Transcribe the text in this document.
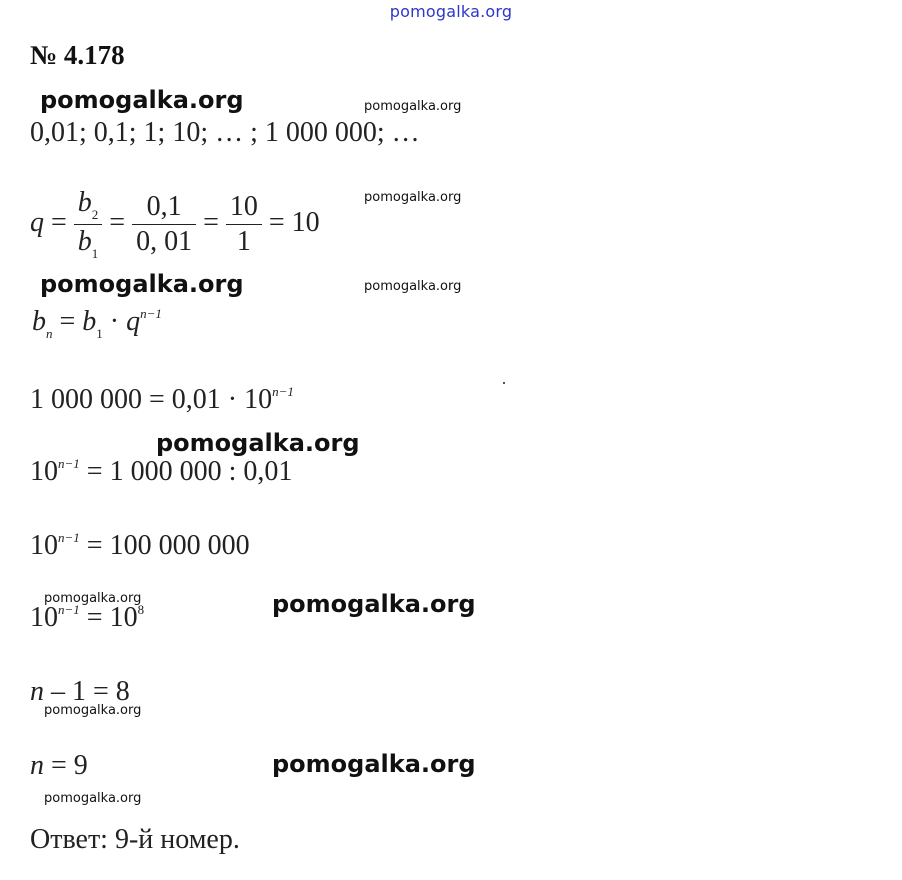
pomogalka.org
№ 4.178
pomogalka.org	pomogalka.org
0,01; 0,1; 1; 10; … ; 1 000 000; …
$q = \frac{b_2}{b_1} = \frac{0,1}{0, 01} = \frac{10}{1} = 10$
pomogalka.org
pomogalka.org	pomogalka.org
$b_n = b_1 \cdot q^{n-1}$
1 000 $000 = 0,01 \cdot 10^{n-1}$
pomogalka.org
$10^{n-1} = 1$ 000 000 : 0,01
$10^{n-1} = 100$ 000 000
pomogalka.org	pomogalka.org
$10^{n-1} = 10^8$
n – 1 = 8
pomogalka.org
n = 9	pomogalka.org
pomogalka.org
Ответ: 9-й номер.
